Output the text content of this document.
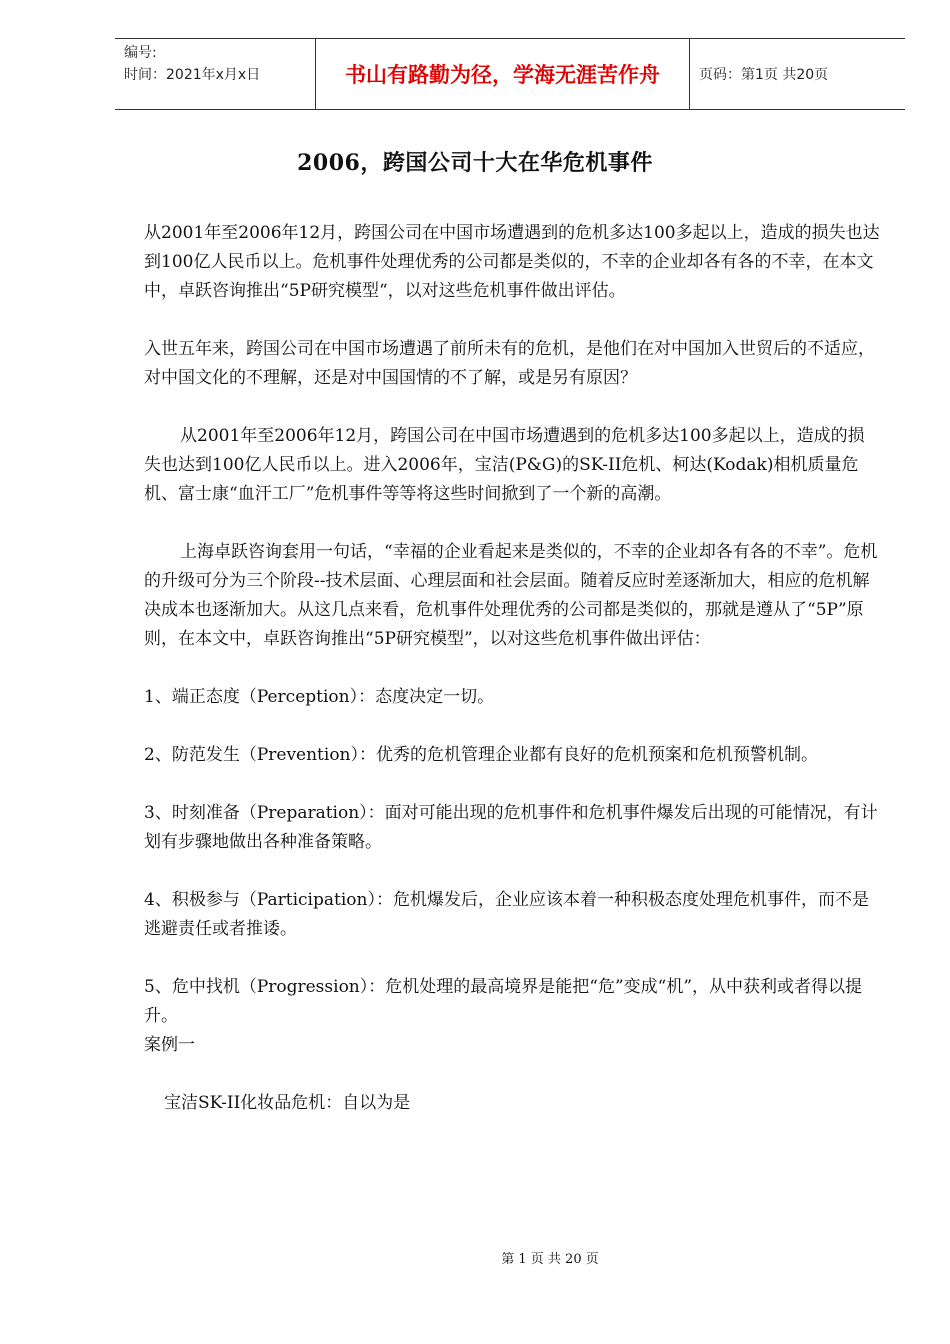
编号:
时间：2021年x月x日	书山有路勤为径，学海无涯苦作舟	页码：第1页 共20页
2006，跨国公司十大在华危机事件

从2001年至2006年12月，跨国公司在中国市场遭遇到的危机多达100多起以上，造成的损失也达到100亿人民币以上。危机事件处理优秀的公司都是类似的，不幸的企业却各有各的不幸，在本文中，卓跃咨询推出“5P研究模型“，以对这些危机事件做出评估。

入世五年来，跨国公司在中国市场遭遇了前所未有的危机，是他们在对中国加入世贸后的不适应，对中国文化的不理解，还是对中国国情的不了解，或是另有原因？

从2001年至2006年12月，跨国公司在中国市场遭遇到的危机多达100多起以上，造成的损失也达到100亿人民币以上。进入2006年，宝洁(P&G)的SK-II危机、柯达(Kodak)相机质量危机、富士康“血汗工厂”危机事件等等将这些时间掀到了一个新的高潮。

上海卓跃咨询套用一句话，“幸福的企业看起来是类似的，不幸的企业却各有各的不幸”。危机的升级可分为三个阶段--技术层面、心理层面和社会层面。随着反应时差逐渐加大，相应的危机解决成本也逐渐加大。从这几点来看，危机事件处理优秀的公司都是类似的，那就是遵从了“5P”原则，在本文中，卓跃咨询推出“5P研究模型”，以对这些危机事件做出评估：

1、端正态度（Perception）：态度决定一切。

2、防范发生（Prevention）：优秀的危机管理企业都有良好的危机预案和危机预警机制。

3、时刻准备（Preparation）：面对可能出现的危机事件和危机事件爆发后出现的可能情况，有计划有步骤地做出各种准备策略。

4、积极参与（Participation）：危机爆发后，企业应该本着一种积极态度处理危机事件，而不是逃避责任或者推诿。

5、危中找机（Progression）：危机处理的最高境界是能把“危”变成“机”，从中获利或者得以提升。

案例一

宝洁SK-II化妆品危机：自以为是

第 1 页 共 20 页
